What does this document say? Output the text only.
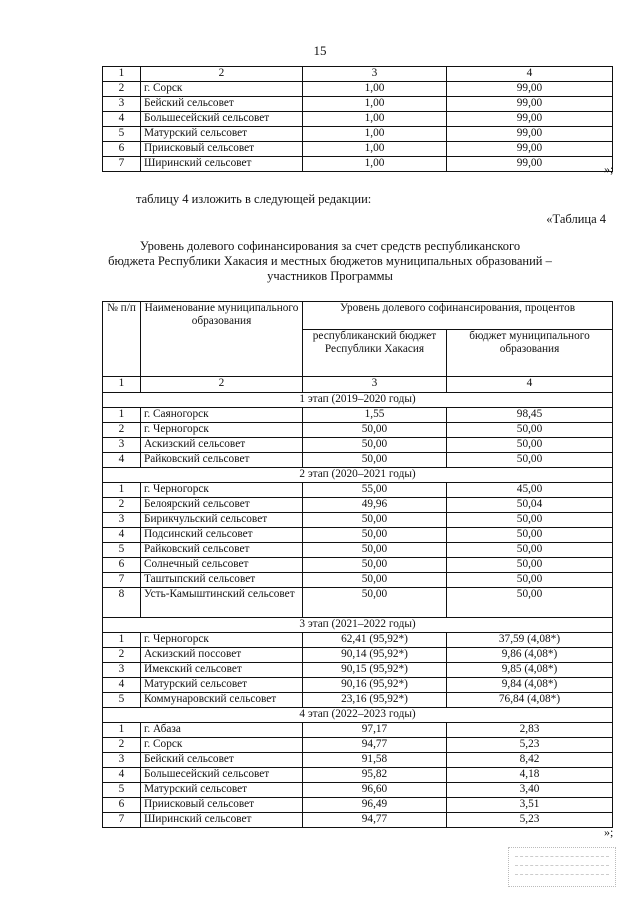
15
1	2	3	4
2	г. Сорск	1,00	99,00
3	Бейский сельсовет	1,00	99,00
4	Большесейский сельсовет	1,00	99,00
5	Матурский сельсовет	1,00	99,00
6	Приисковый сельсовет	1,00	99,00
7	Ширинский сельсовет	1,00	99,00	»;
таблицу 4 изложить в следующей редакции:
«Таблица 4
Уровень долевого софинансирования за счет средств республиканского
бюджета Республики Хакасия и местных бюджетов муниципальных образований –
участников Программы
№ п/п	Наименование муниципального образования	Уровень долевого софинансирования, процентов	
		республиканский бюджет Республики Хакасия	бюджет муниципального образования
1	2	3	4
1 этап (2019–2020 годы)			
1	г. Саяногорск	1,55	98,45
2	г. Черногорск	50,00	50,00
3	Аскизский сельсовет	50,00	50,00
4	Райковский сельсовет	50,00	50,00
2 этап (2020–2021 годы)			
1	г. Черногорск	55,00	45,00
2	Белоярский сельсовет	49,96	50,04
3	Бирикчульский сельсовет	50,00	50,00
4	Подсинский сельсовет	50,00	50,00
5	Райковский сельсовет	50,00	50,00
6	Солнечный сельсовет	50,00	50,00
7	Таштыпский сельсовет	50,00	50,00
8	Усть-Камыштинский сельсовет	50,00	50,00
3 этап (2021–2022 годы)			
1	г. Черногорск	62,41 (95,92*)	37,59 (4,08*)
2	Аскизский поссовет	90,14 (95,92*)	9,86 (4,08*)
3	Имекский сельсовет	90,15 (95,92*)	9,85 (4,08*)
4	Матурский сельсовет	90,16 (95,92*)	9,84 (4,08*)
5	Коммунаровский сельсовет	23,16 (95,92*)	76,84 (4,08*)
4 этап (2022–2023 годы)			
1	г. Абаза	97,17	2,83
2	г. Сорск	94,77	5,23
3	Бейский сельсовет	91,58	8,42
4	Большесейский сельсовет	95,82	4,18
5	Матурский сельсовет	96,60	3,40
6	Приисковый сельсовет	96,49	3,51
7	Ширинский сельсовет	94,77	5,23
»;
